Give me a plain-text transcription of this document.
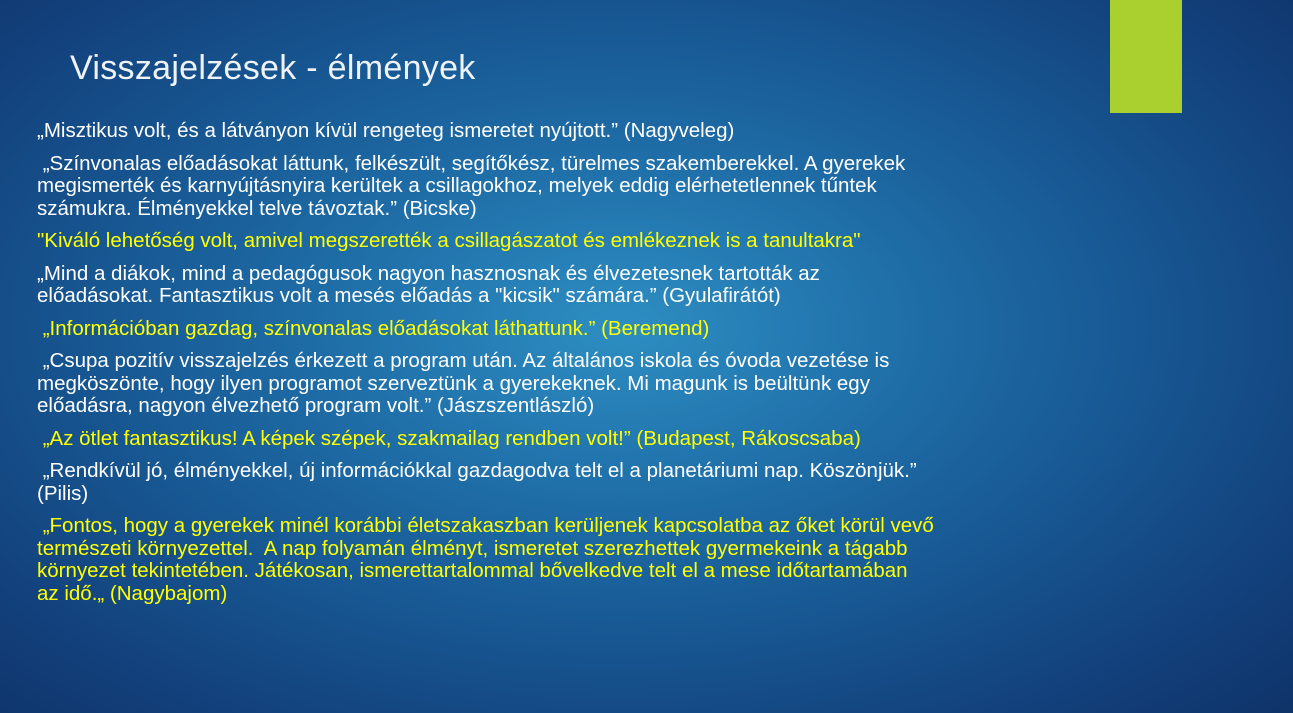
Visszajelzések - élmények

„Misztikus volt, és a látványon kívül rengeteg ismeretet nyújtott.” (Nagyveleg)

„Színvonalas előadásokat láttunk, felkészült, segítőkész, türelmes szakemberekkel. A gyerekek
megismerték és karnyújtásnyira kerültek a csillagokhoz, melyek eddig elérhetetlennek tűntek
számukra. Élményekkel telve távoztak.” (Bicske)

"Kiváló lehetőség volt, amivel megszerették a csillagászatot és emlékeznek is a tanultakra"

„Mind a diákok, mind a pedagógusok nagyon hasznosnak és élvezetesnek tartották az
előadásokat. Fantasztikus volt a mesés előadás a "kicsik" számára.” (Gyulafirátót)

„Információban gazdag, színvonalas előadásokat láthattunk.” (Beremend)

„Csupa pozitív visszajelzés érkezett a program után. Az általános iskola és óvoda vezetése is
megköszönte, hogy ilyen programot szerveztünk a gyerekeknek. Mi magunk is beültünk egy
előadásra, nagyon élvezhető program volt.” (Jászszentlászló)

„Az ötlet fantasztikus! A képek szépek, szakmailag rendben volt!” (Budapest, Rákoscsaba)

„Rendkívül jó, élményekkel, új információkkal gazdagodva telt el a planetáriumi nap. Köszönjük.”
(Pilis)

„Fontos, hogy a gyerekek minél korábbi életszakaszban kerüljenek kapcsolatba az őket körül vevő
természeti környezettel.  A nap folyamán élményt, ismeretet szerezhettek gyermekeink a tágabb
környezet tekintetében. Játékosan, ismerettartalommal bővelkedve telt el a mese időtartamában
az idő.„ (Nagybajom)
